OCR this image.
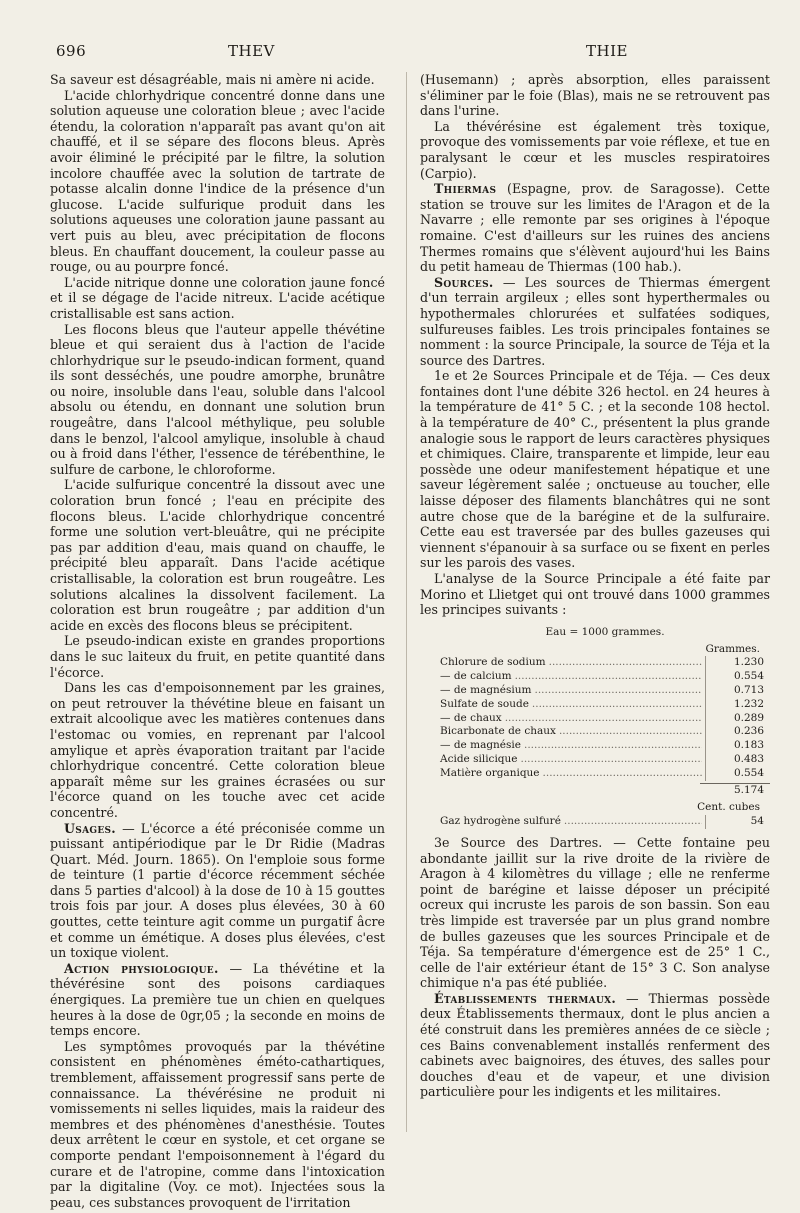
696	THEV	THIE

Sa saveur est désagréable, mais ni amère ni acide.

L'acide chlorhydrique concentré donne dans une solution aqueuse une coloration bleue ; avec l'acide étendu, la coloration n'apparaît pas avant qu'on ait chauffé, et il se sépare des flocons bleus. Après avoir éliminé le précipité par le filtre, la solution incolore chauffée avec la solution de tartrate de potasse alcalin donne l'indice de la présence d'un glucose. L'acide sulfurique produit dans les solutions aqueuses une coloration jaune passant au vert puis au bleu, avec précipitation de flocons bleus. En chauffant doucement, la couleur passe au rouge, ou au pourpre foncé.

L'acide nitrique donne une coloration jaune foncé et il se dégage de l'acide nitreux. L'acide acétique cristallisable est sans action.

Les flocons bleus que l'auteur appelle thévétine bleue et qui seraient dus à l'action de l'acide chlorhydrique sur le pseudo-indican forment, quand ils sont desséchés, une poudre amorphe, brunâtre ou noire, insoluble dans l'eau, soluble dans l'alcool absolu ou étendu, en donnant une solution brun rougeâtre, dans l'alcool méthylique, peu soluble dans le benzol, l'alcool amylique, insoluble à chaud ou à froid dans l'éther, l'essence de térébenthine, le sulfure de carbone, le chloroforme.

L'acide sulfurique concentré la dissout avec une coloration brun foncé ; l'eau en précipite des flocons bleus. L'acide chlorhydrique concentré forme une solution vert-bleuâtre, qui ne précipite pas par addition d'eau, mais quand on chauffe, le précipité bleu apparaît. Dans l'acide acétique cristallisable, la coloration est brun rougeâtre. Les solutions alcalines la dissolvent facilement. La coloration est brun rougeâtre ; par addition d'un acide en excès des flocons bleus se précipitent.

Le pseudo-indican existe en grandes proportions dans le suc laiteux du fruit, en petite quantité dans l'écorce.

Dans les cas d'empoisonnement par les graines, on peut retrouver la thévétine bleue en faisant un extrait alcoolique avec les matières contenues dans l'estomac ou vomies, en reprenant par l'alcool amylique et après évaporation traitant par l'acide chlorhydrique concentré. Cette coloration bleue apparaît même sur les graines écrasées ou sur l'écorce quand on les touche avec cet acide concentré.

Usages. — L'écorce a été préconisée comme un puissant antipériodique par le Dr Ridie (Madras Quart. Méd. Journ. 1865). On l'emploie sous forme de teinture (1 partie d'écorce récemment séchée dans 5 parties d'alcool) à la dose de 10 à 15 gouttes trois fois par jour. A doses plus élevées, 30 à 60 gouttes, cette teinture agit comme un purgatif âcre et comme un émétique. A doses plus élevées, c'est un toxique violent.

Action physiologique. — La thévétine et la thévérésine sont des poisons cardiaques énergiques. La première tue un chien en quelques heures à la dose de 0gr,05 ; la seconde en moins de temps encore.

Les symptômes provoqués par la thévétine consistent en phénomènes éméto-cathartiques, tremblement, affaissement progressif sans perte de connaissance. La thévérésine ne produit ni vomissements ni selles liquides, mais la raideur des membres et des phénomènes d'anesthésie. Toutes deux arrêtent le cœur en systole, et cet organe se comporte pendant l'empoisonnement à l'égard du curare et de l'atropine, comme dans l'intoxication par la digitaline (Voy. ce mot). Injectées sous la peau, ces substances provoquent de l'irritation

(Husemann) ; après absorption, elles paraissent s'éliminer par le foie (Blas), mais ne se retrouvent pas dans l'urine.

La thévérésine est également très toxique, provoque des vomissements par voie réflexe, et tue en paralysant le cœur et les muscles respiratoires (Carpio).

Thiermas (Espagne, prov. de Saragosse). Cette station se trouve sur les limites de l'Aragon et de la Navarre ; elle remonte par ses origines à l'époque romaine. C'est d'ailleurs sur les ruines des anciens Thermes romains que s'élèvent aujourd'hui les Bains du petit hameau de Thiermas (100 hab.).

Sources. — Les sources de Thiermas émergent d'un terrain argileux ; elles sont hyperthermales ou hypothermales chlorurées et sulfatées sodiques, sulfureuses faibles. Les trois principales fontaines se nomment : la source Principale, la source de Téja et la source des Dartres.

1e et 2e Sources Principale et de Téja. — Ces deux fontaines dont l'une débite 326 hectol. en 24 heures à la température de 41° 5 C. ; et la seconde 108 hectol. à la température de 40° C., présentent la plus grande analogie sous le rapport de leurs caractères physiques et chimiques. Claire, transparente et limpide, leur eau possède une odeur manifestement hépatique et une saveur légèrement salée ; onctueuse au toucher, elle laisse déposer des filaments blanchâtres qui ne sont autre chose que de la barégine et de la sulfuraire. Cette eau est traversée par des bulles gazeuses qui viennent s'épanouir à sa surface ou se fixent en perles sur les parois des vases.

L'analyse de la Source Principale a été faite par Morino et Llietget qui ont trouvé dans 1000 grammes les principes suivants :

Eau = 1000 grammes.
Grammes.
Chlorure de sodium .....	1.230
— de calcium .....	0.554
— de magnésium .....	0.713
Sulfate de soude .....	1.232
— de chaux .....	0.289
Bicarbonate de chaux .....	0.236
— de magnésie .....	0.183
Acide silicique .....	0.483
Matière organique .....	0.554
5.174
Cent. cubes
Gaz hydrogène sulfuré .....	54

3e Source des Dartres. — Cette fontaine peu abondante jaillit sur la rive droite de la rivière de Aragon à 4 kilomètres du village ; elle ne renferme point de barégine et laisse déposer un précipité ocreux qui incruste les parois de son bassin. Son eau très limpide est traversée par un plus grand nombre de bulles gazeuses que les sources Principale et de Téja. Sa température d'émergence est de 25° 1 C., celle de l'air extérieur étant de 15° 3 C. Son analyse chimique n'a pas été publiée.

Établissements thermaux. — Thiermas possède deux Établissements thermaux, dont le plus ancien a été construit dans les premières années de ce siècle ; ces Bains convenablement installés renferment des cabinets avec baignoires, des étuves, des salles pour douches d'eau et de vapeur, et une division particulière pour les indigents et les militaires.
